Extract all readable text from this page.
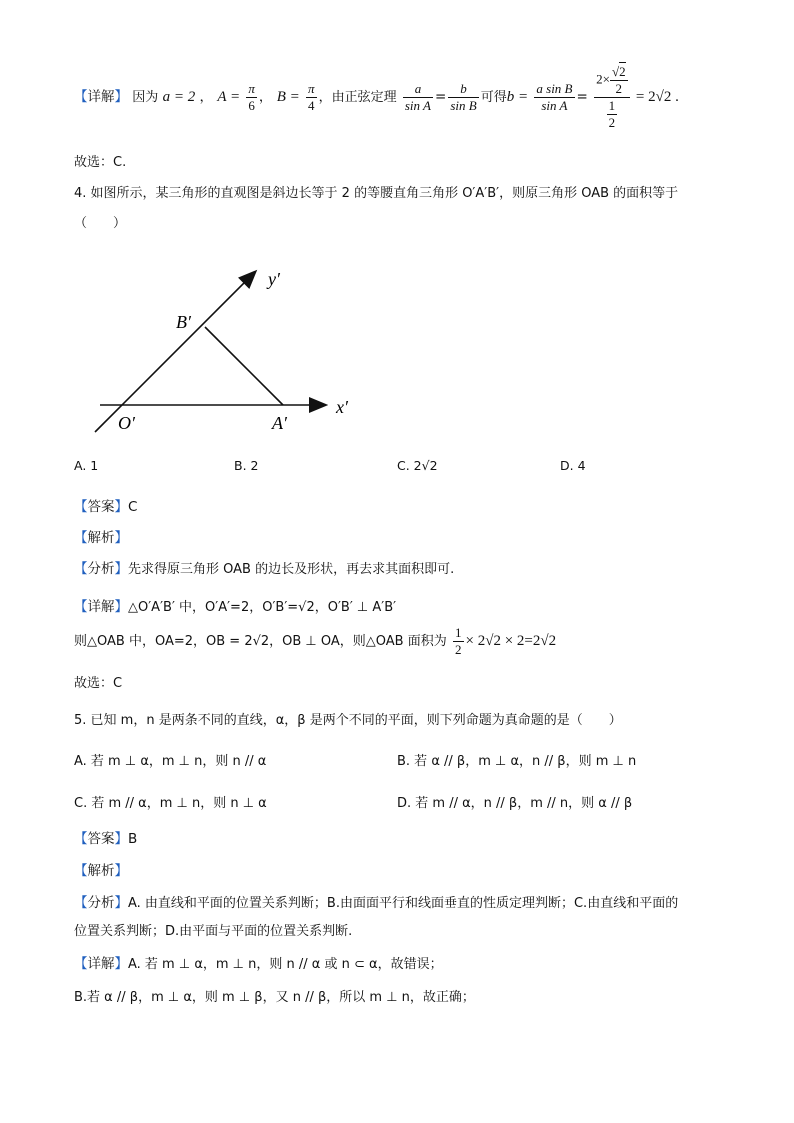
【详解】 因为 a = 2 ， $A = \frac{\pi}{6}$ ， $B = \frac{\pi}{4}$ ，由正弦定理 $\frac{a}{\text{sin A}} = \frac{b}{\text{sin B}}$ 可得$b = \frac{\text{a sin B}}{\text{sin A}} = \frac{2\times \frac{√2}{2}}{\frac{1}{2}} = 2√2$ .
故选：C.
4. 如图所示，某三角形的直观图是斜边长等于 2 的等腰直角三角形 O′A′B′，则原三角形 OAB 的面积等于
（　　）
y′
x′
B′
O′	A′
A. 1	B. 2	C. 2√2	D. 4
【答案】C
【解析】
【分析】先求得原三角形 OAB 的边长及形状，再去求其面积即可.
【详解】△O′A′B′ 中，O′A′=2，O′B′=√2，O′B′ ⊥ A′B′
则△OAB 中，OA=2，OB = 2√2，OB ⊥ OA，则△OAB 面积为 $\frac{1}{2} \times 2√2 \times 2=2√2$
故选：C
5. 已知 m，n 是两条不同的直线，α，β 是两个不同的平面，则下列命题为真命题的是（　　）
A. 若 m ⊥ α，m ⊥ n，则 n // α	B. 若 α // β，m ⊥ α，n // β，则 m ⊥ n
C. 若 m // α，m ⊥ n，则 n ⊥ α	D. 若 m // α，n // β，m // n，则 α // β
【答案】B
【解析】
【分析】A. 由直线和平面的位置关系判断；B.由面面平行和线面垂直的性质定理判断；C.由直线和平面的
位置关系判断；D.由平面与平面的位置关系判断.
【详解】A. 若 m ⊥ α，m ⊥ n，则 n // α 或 n ⊂ α，故错误；
B.若 α // β，m ⊥ α，则 m ⊥ β，又 n // β，所以 m ⊥ n，故正确；
